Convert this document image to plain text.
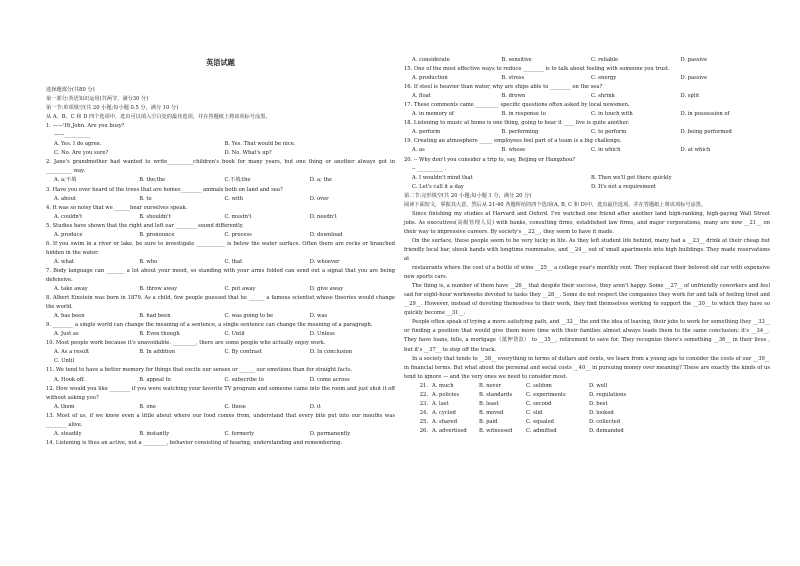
英语试题
选择题部分(共80 分)
第一部分:英语知识运用(共两节，满分30 分)
第一节:单项填空(共 20 小题;每小题 0.5 分，满分 10 分)
从 A、B、C 和 D 四个选项中，选出可以填入空白处的最佳选项，并在答题纸上将该项标号涂黑。
1. ——'Hi,John. Are you busy?
——__________
A. Yes. I do agree.	B. Yes. That would be nice.
C. No. Are you sure?	D. No. What's up?
2. Jane's grandmother had wanted to write__________children's book for many years, but one thing or another always got in __________ way.
A. a;不填	B. the;the	C.不填;the	D. a; the
3. Have you ever heard of the trees that are homes________ animals both on land and sea?
A. about	B. to	C. with	D. over
4. It was so noisy that we ______hear ourselves speak.
A. couldn't	B. shouldn't	C. mustn't	D. needn't
5. Studies have shown that the right and left ear ________ sound differently.
A. produce	B. pronounce	C. process	D. download
6. If you swim in a river or lake, be sure to investigate ___________ is below the water surface. Often there are rocks or branched hidden in the water.
A. what	B. who	C. that	D. whoever
7. Body language can _______ a lot about your mood, so standing with your arms folded can send out a signal that you are being defensive.
A. take away	B. throw away	C. put away	D. give away
8. Albert Einstein was born in 1879. As a child, few people guessed that he ______ a famous scientist whose theories would change the world.
A. has been	B. had been	C. was going to be	D. was
9. ________ a single world can change the meaning of a sentence, a single sentence can change the meaning of a paragraph.
A. Just as	B. Even though	C. Until	D. Unless
10. Most people work because it's unavoidable. _________, there are some people who actually enjoy work.
A. As a result	B. In addition	C. By contrast	D. In conclusion
C. Until
11. We tend to have a better memory for things that excite our senses or ______ our emotions than for straight facts.
A. Hook off.	B. appeal to	C. subscribe to	D. come across
12. How would you like ________ if you were watching your favorite TV program and someone came into the room and just shut it off without asking you?
A. them	B. one	C. those	D. it
13. Most of us, if we knew even a little about where our food comes from, understand that every bite put into our mouths was ________ alive.
A. steadily	B. instantly	C. formerly	D. permanently
14. Listening is thus an active, not a _________, behavior consisting of hearing, understanding and remembering.
A. considerate	B. sensitive	C. reliable	D. passive
15. One of the most effective ways to reduce ________ is to talk about feeling with someone you trust.
A. production	B. stress	C. energy	D. passive
16. If steel is heavier than water, why are ships able to ________ on the sea?
A. float	B. drown	C. shrink	D. split
17. These comments came _________ specific questions often asked by local newsmen.
A. in memory of	B. in response to	C. in touch with	D. in possession of
18. Listening to music at home is one thing, going to hear it ____ live is quite another.
A. perform	B. performing	C. to perform	D. being performed
19. Creating an atmosphere _____ employees feel part of a team is a big challenge.
A. as	B. whose	C. in which	D. at which
20. -- Why don't you consider a trip to, say, Beijing or Hangzhou?
-- __________ .
A. I wouldn't mind that	B. Then we'll get there quickly
C. Let's call it a day	D. It's not a requirement
第二节:完形填空(共 20 小题;每小题 1 分，满分 20 分)
阅读下面短文，掌握其大意，然后从 21-40 各题所给的四个选项(A, B, C 和 D)中，选出最佳选项，并在答题纸上将该项标号涂黑。
Since finishing my studies at Harvard and Oxford. I've watched one friend after another land high-ranking, high-paying Wall Street jobs. As executives(高级管理人员) with banks, consulting firms, established law firms, and major corporations, many are now __21__ on their way to impressive careers. By society's __22__, they seem to have it made.
On the surface, these people seem to be very lucky in life. As they left student life behind, many had a __23__ drink at their cheap but friendly local bar, shook hands with longtime roommates, and __24__ out of small apartments into high buildings. They made reservations at
restaurants where the cost of a bottle of wine __25__ a college year's monthly rent. They replaced their beloved old car with expensive new sports cars.
The thing is, a number of them have __26__ that despite their success, they aren't happy. Some __27__ of unfriendly coworkers and feel sad for eight-hour workweeks devoted to tasks they __28__. Some do not respect the companies they work for and talk of feeling tired and __29__. However, instead of devoting themselves to their work, they find themselves working to support the __30__ to which they have so quickly become __31__.
People often speak of trying a more satisfying path, and __32__ the end the idea of leaving, their jobs to work for something they __33__ or finding a position that would give them more time with their families almost always leads them to the same conclusion; it's __34__. They have loans, bills, a mortgage（抵押贷款） to __35__, retirement to save for. They recognize there's something __36__ in their lives , but it's __37__ to step off the track.
In a society that tends to __38__ everything in terms of dollars and cents, we learn from a young age to consider the costs of our __39__ in financial terms. But what about the personal and social costs __40__ in pursuing money over meaning? These are exactly the kinds of us tend to ignore — and the very ones we need to consider most.
21. A. much	B. never	C. seldom	D. well
22. A. policies	B. standards	C. experiments	D. regulations
23. A. last	B. least	C. second	D. best
24. A. cycled	B. moved	C. slid	D. looked
25. A. shared	B. paid	C. equaled	D. collected
26. A. advertised	B. witnessed	C. admitted	D. demanded
